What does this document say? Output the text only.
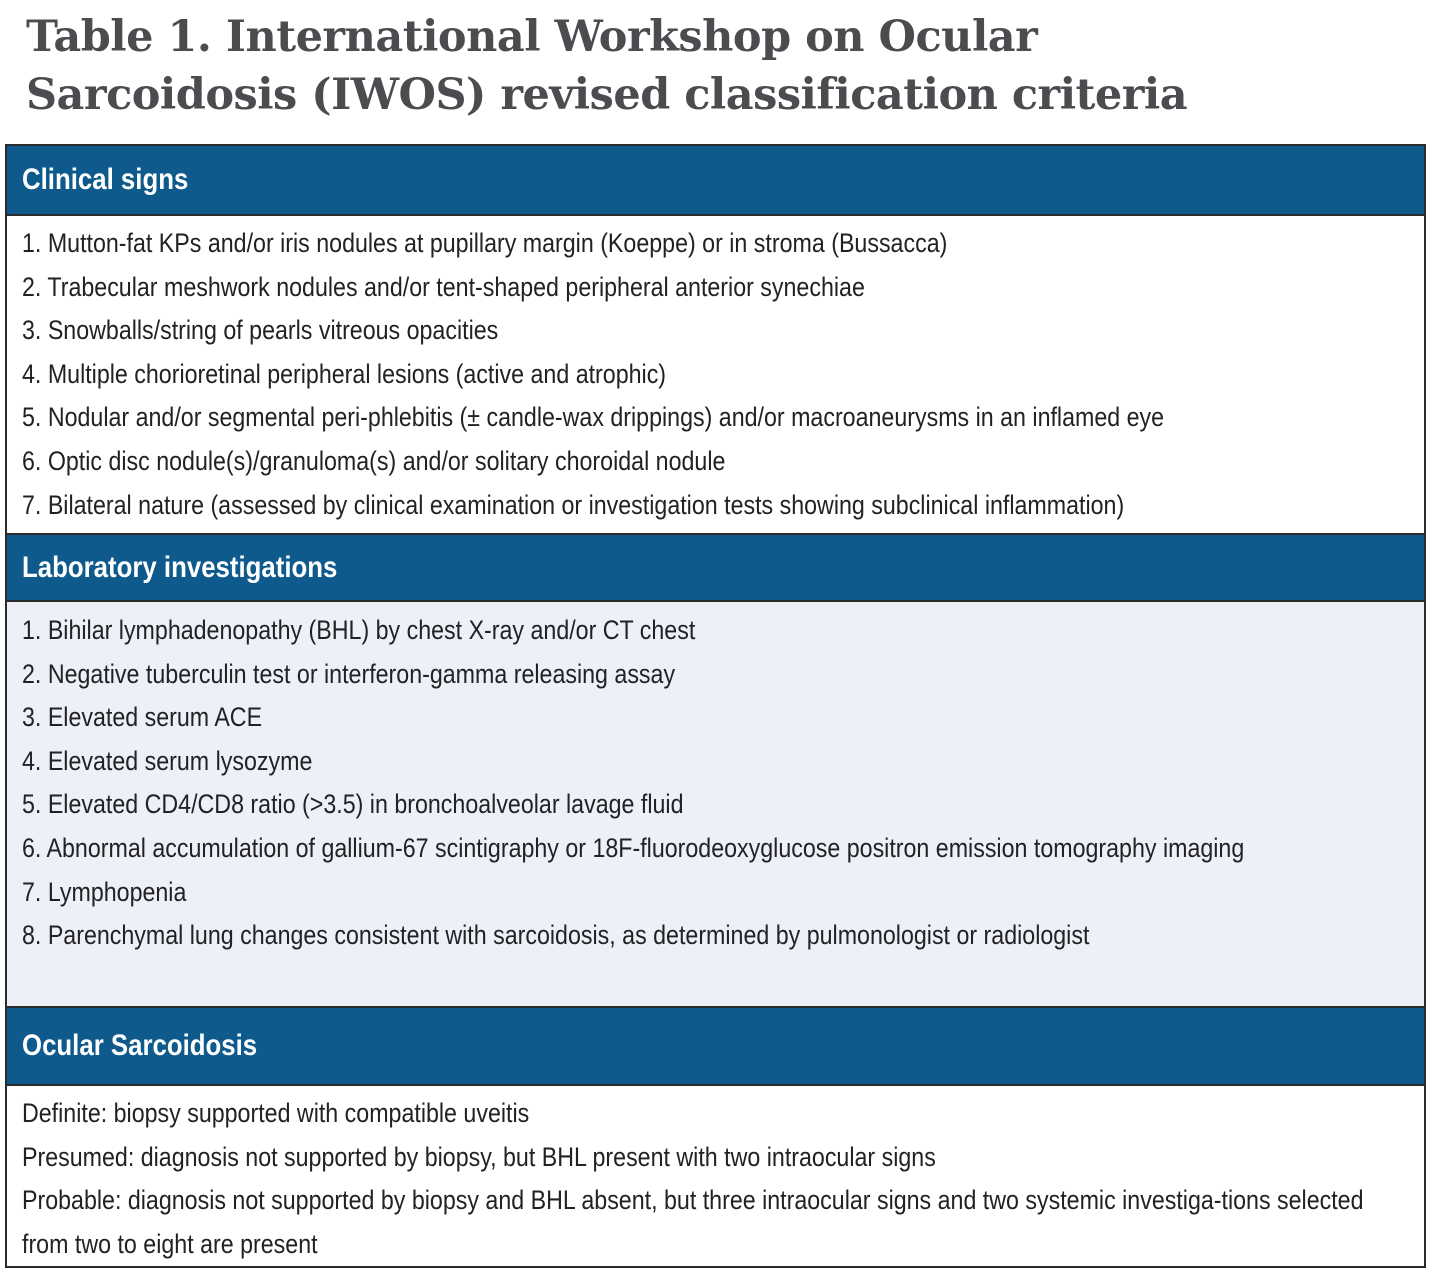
Table 1. International Workshop on Ocular
Sarcoidosis (IWOS) revised classification criteria
Clinical signs
1. Mutton-fat KPs and/or iris nodules at pupillary margin (Koeppe) or in stroma (Bussacca)
2. Trabecular meshwork nodules and/or tent-shaped peripheral anterior synechiae
3. Snowballs/string of pearls vitreous opacities
4. Multiple chorioretinal peripheral lesions (active and atrophic)
5. Nodular and/or segmental peri-phlebitis (± candle-wax drippings) and/or macroaneurysms in an inflamed eye
6. Optic disc nodule(s)/granuloma(s) and/or solitary choroidal nodule
7. Bilateral nature (assessed by clinical examination or investigation tests showing subclinical inflammation)
Laboratory investigations
1. Bihilar lymphadenopathy (BHL) by chest X-ray and/or CT chest
2. Negative tuberculin test or interferon-gamma releasing assay
3. Elevated serum ACE
4. Elevated serum lysozyme
5. Elevated CD4/CD8 ratio (>3.5) in bronchoalveolar lavage fluid
6. Abnormal accumulation of gallium-67 scintigraphy or 18F-fluorodeoxyglucose positron emission tomography imaging
7. Lymphopenia
8. Parenchymal lung changes consistent with sarcoidosis, as determined by pulmonologist or radiologist
Ocular Sarcoidosis
Definite: biopsy supported with compatible uveitis
Presumed: diagnosis not supported by biopsy, but BHL present with two intraocular signs
Probable: diagnosis not supported by biopsy and BHL absent, but three intraocular signs and two systemic investiga-tions selected from two to eight are present
